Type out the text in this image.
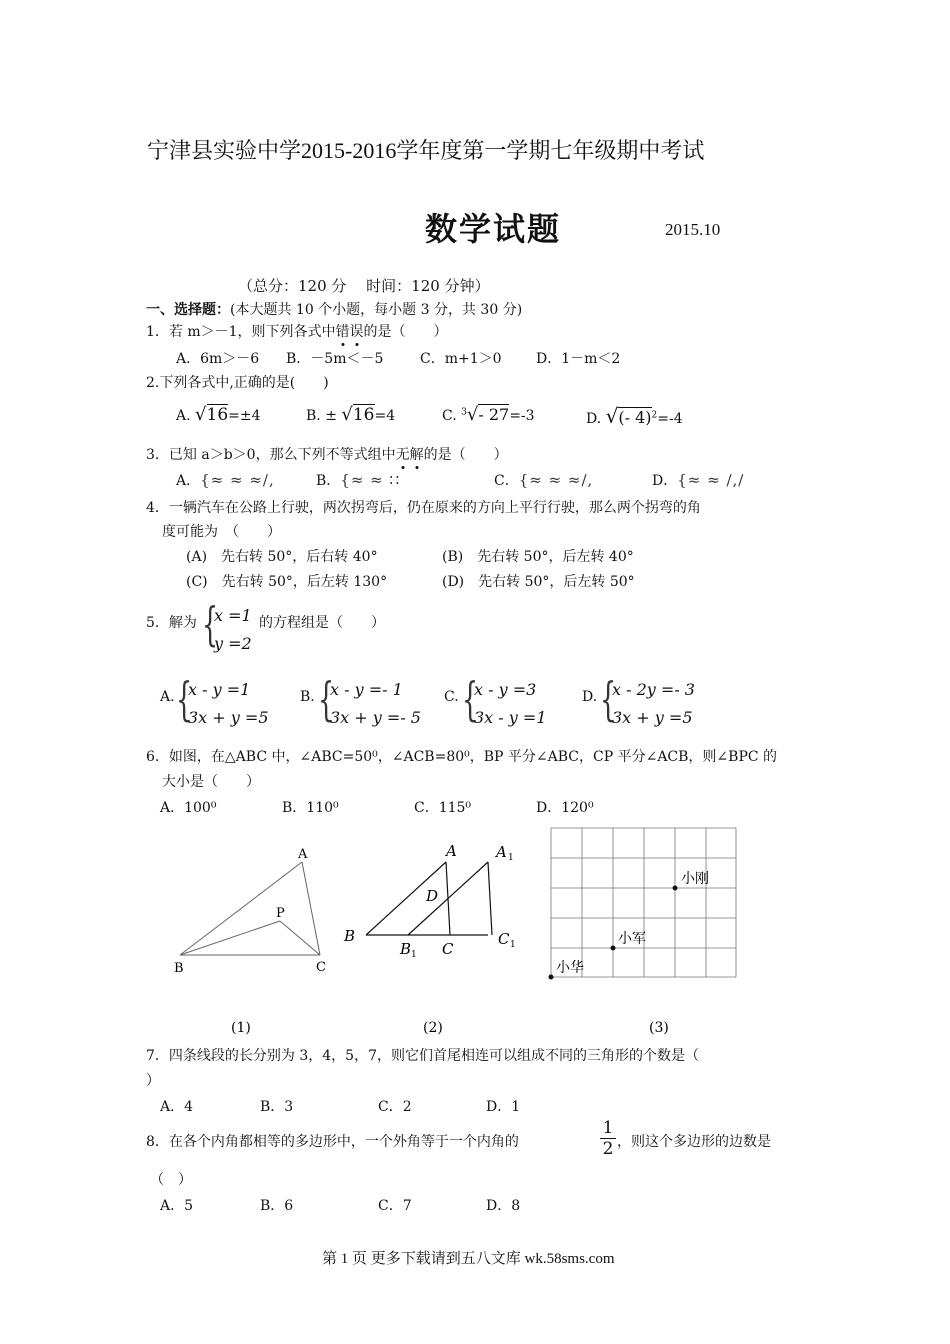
宁津县实验中学2015-2016学年度第一学期七年级期中考试
数学试题	2015.10
（总分：120 分　 时间：120 分钟）
一、选择题：(本大题共 10 个小题，每小题 3 分，共 30 分)
1．若 m＞－1，则下列各式中错误的是（　　）
A．6m＞－6 B．－5m＜－5	C．m+1＞0 D．1－m＜2
2.下列各式中,正确的是(　　)
A. √16=±4	B. ± √16=4	C. $^3$√- 27=-3	D. √(- 4)$^2$=-4
3．已知 a＞b＞0，那么下列不等式组中无解的是（　　）
A．{≈ ≈ ≈∕,	B．{≈ ≈ ∷	C．{≈ ≈ ≈∕,	D．{≈ ≈ ∕,∕
4．一辆汽车在公路上行驶，两次拐弯后，仍在原来的方向上平行行驶，那么两个拐弯的角
度可能为　（　　）
(A)　先右转 50°，后右转 40°	(B)　先右转 50°，后左转 40°
(C)　先右转 50°，后左转 130°	(D)　先右转 50°，后左转 50°
5．解为 {
x =1
y =2
的方程组是（　　）
A. {
x - y =1
3x + y =5
B. {
x - y =- 1
3x + y =- 5
C. {
x - y =3
3x - y =1
D. {
x - 2y =- 3
3x + y =5
6．如图，在△ABC 中，∠ABC=50⁰，∠ACB=80⁰，BP 平分∠ABC，CP 平分∠ACB，则∠BPC 的
大小是（　　）
A．100⁰	B．110⁰	C．115⁰	D．120⁰
A
B	C
P
A	A 1
B
B 1 C
C 1
D
小刚
小军
小华
(1)	(2)	(3)
7．四条线段的长分别为 3，4，5，7，则它们首尾相连可以组成不同的三角形的个数是（
）
A．4	B．3	C．2	D．1
8．在各个内角都相等的多边形中，一个外角等于一个内角的	$\frac{1}{2}$ ，则这个多边形的边数是
（　）
A．5	B．6	C．7	D．8
第 1 页 更多下载请到五八文库 wk.58sms.com
